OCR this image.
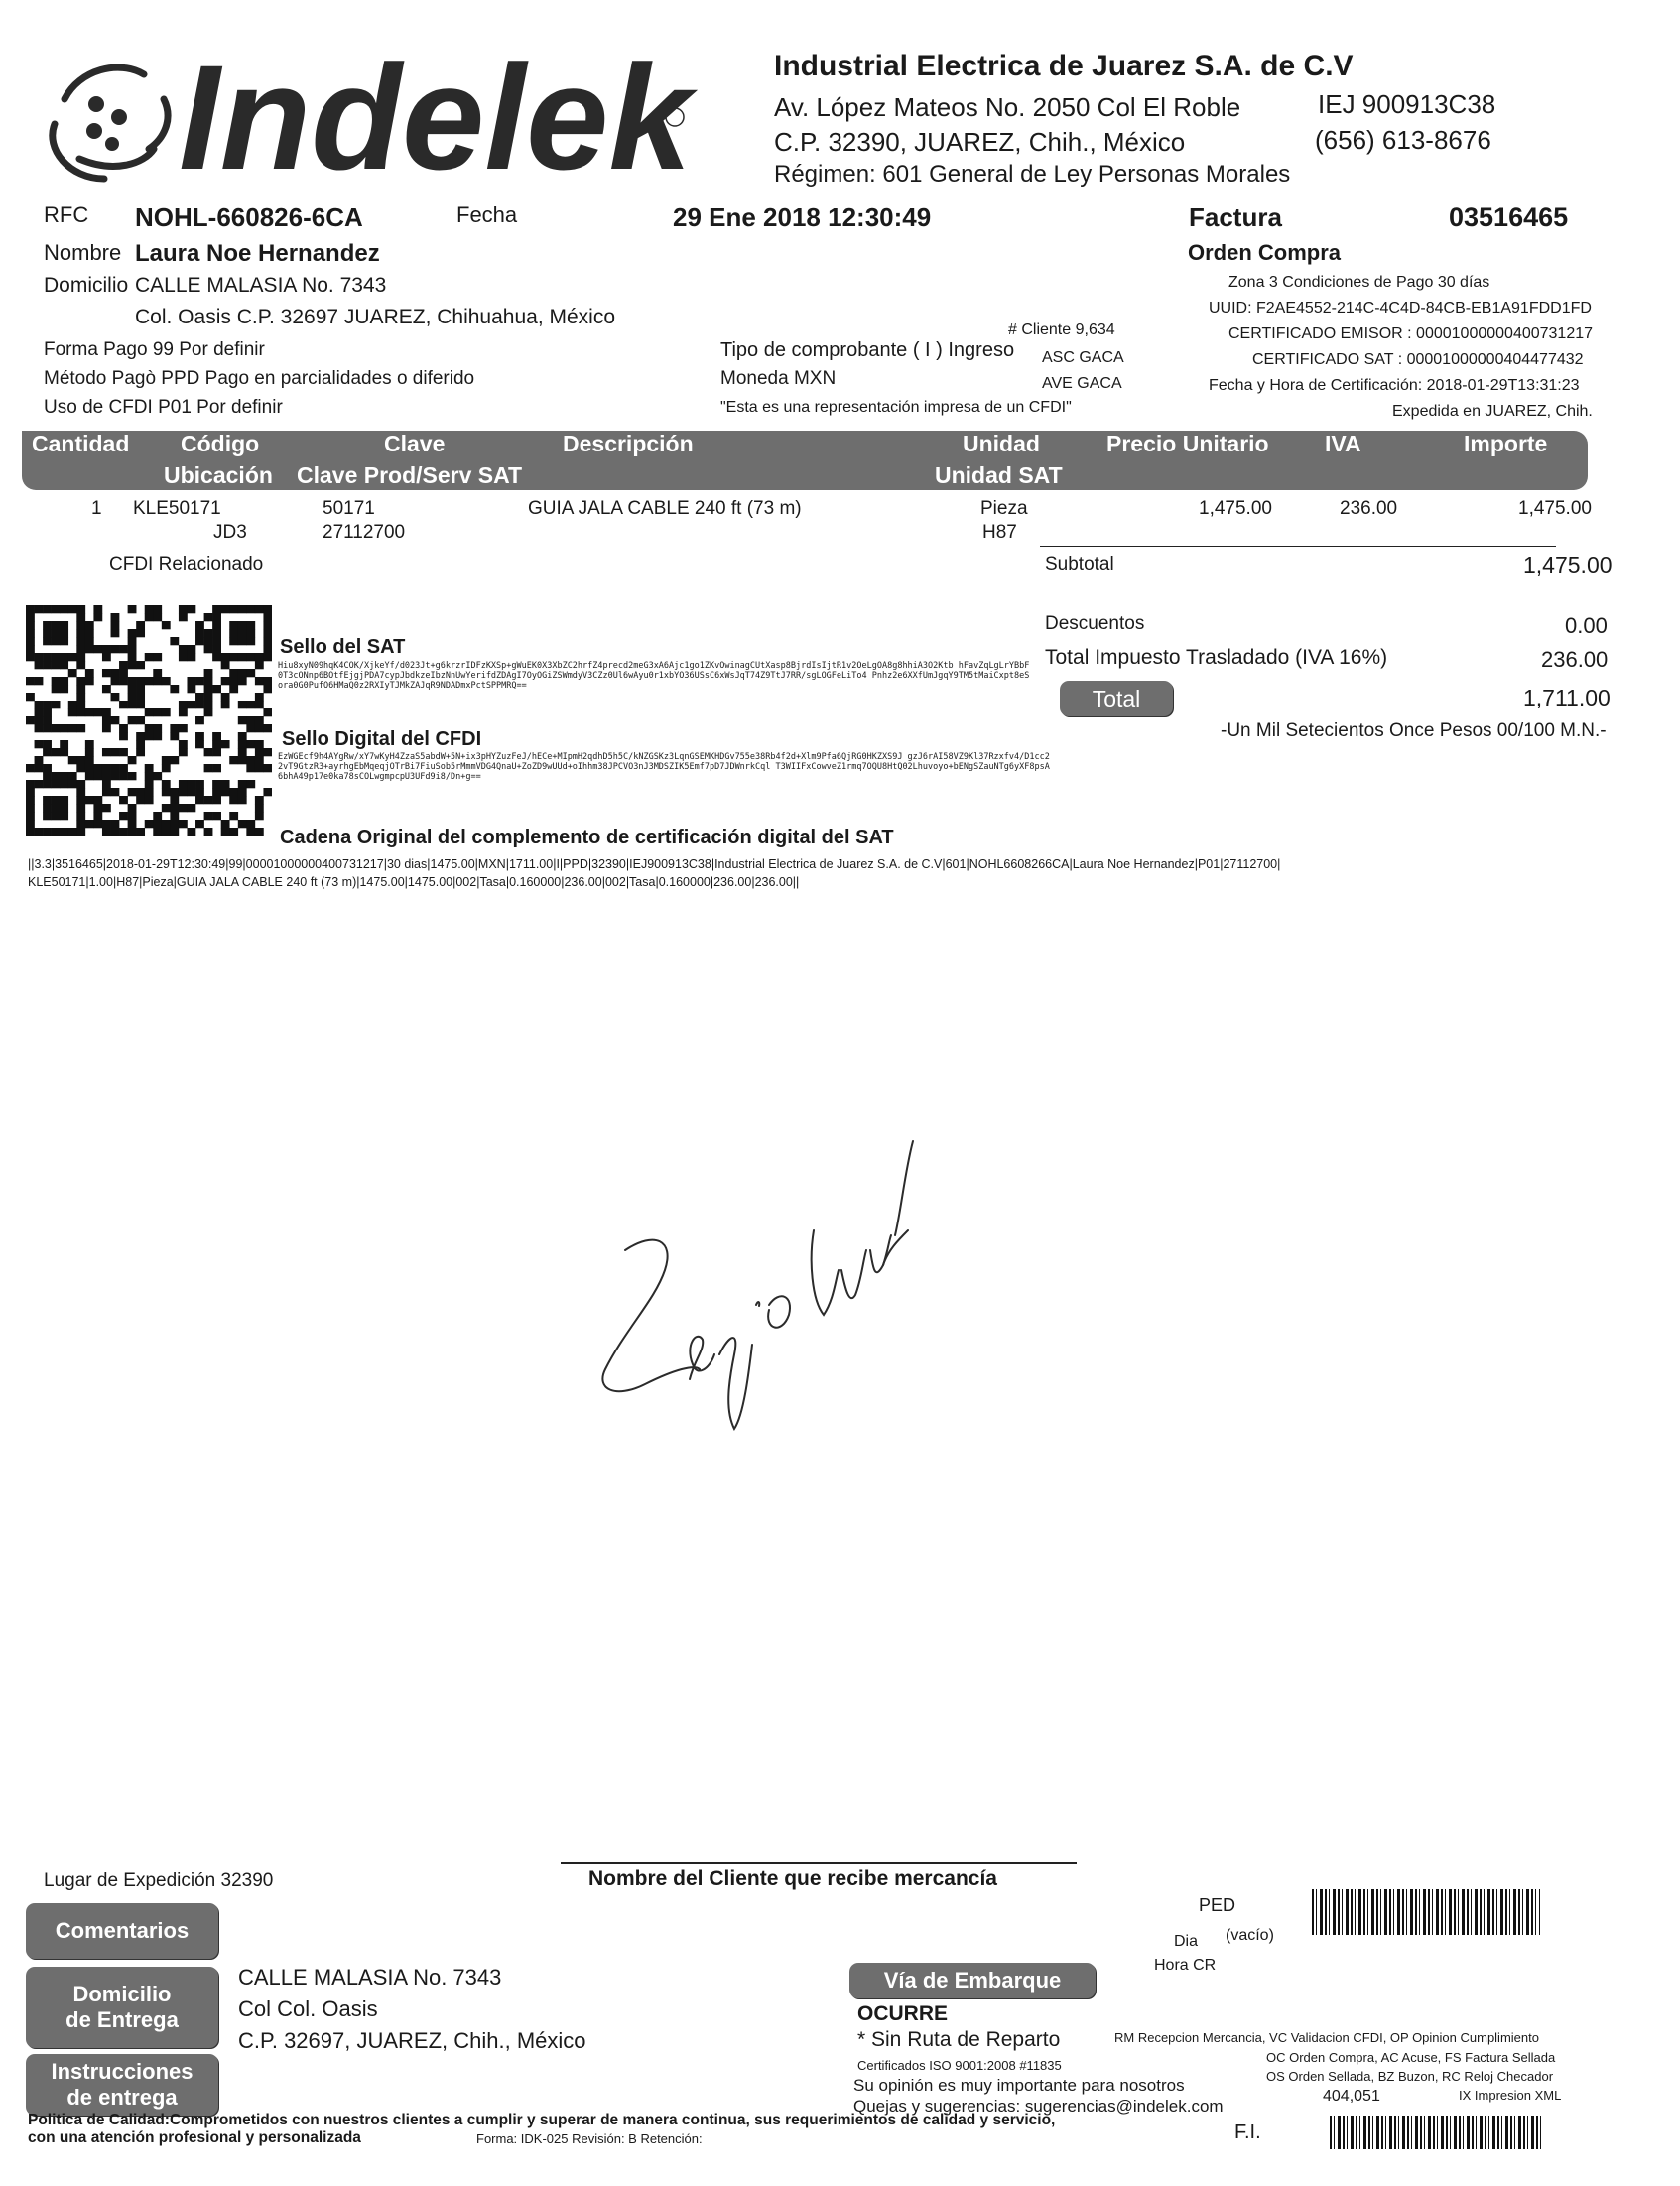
Indelek	Industrial Electrica de Juarez S.A. de C.V
Av. López Mateos No. 2050 Col El Roble
C.P. 32390, JUAREZ, Chih., México
Régimen: 601 General de Ley Personas Morales
IEJ 900913C38
(656) 613-8676
RFC NOHL-660826-6CA	Fecha	29 Ene 2018 12:30:49	Factura	03516465
Nombre Laura Noe Hernandez	Orden Compra
Domicilio CALLE MALASIA No. 7343
Col. Oasis C.P. 32697 JUAREZ, Chihuahua, México
Zona 3 Condiciones de Pago 30 días
UUID: F2AE4552-214C-4C4D-84CB-EB1A91FDD1FD
CERTIFICADO EMISOR : 00001000000400731217
CERTIFICADO SAT : 00001000000404477432
Fecha y Hora de Certificación: 2018-01-29T13:31:23
Expedida en JUAREZ, Chih.
# Cliente 9,634
Tipo de comprobante ( I ) Ingreso ASC GACA
Forma Pago 99 Por definir
Método Pagò PPD Pago en parcialidades o diferido	Moneda MXN	AVE GACA
Uso de CFDI P01 Por definir	"Esta es una representación impresa de un CFDI"
Cantidad Código	Clave	Descripción	Unidad	Precio Unitario IVA	Importe
Ubicación Clave Prod/Serv SAT	Unidad SAT
1 KLE50171	50171	GUIA JALA CABLE 240 ft (73 m)	Pieza	1,475.00	236.00	1,475.00
JD3	27112700	H87
CFDI Relacionado	Subtotal	1,475.00
Descuentos	0.00
Total Impuesto Trasladado (IVA 16%)	236.00
Total	1,711.00
-Un Mil Setecientos Once Pesos 00/100 M.N.-
Sello del SAT
Hiu8xyN09hqK4COK/XjkeYf/d023Jt+g6krzrIDFzKXSp+gWuEK0X3XbZC2hrfZ4precd2meG3xA6Ajc1go1ZKvOwinagCUtXasp8BjrdIsIjtR1v2OeLgOA8g8hhiA3O2Ktb hFavZqLgLrYBbF0T3cONnp6BOtfEjgjPDA7cypJbdkzeIbzNnUwYerifdZDAgI7OyOGiZSWmdyV3CZz0Ul6wAyu0r1xbYO36USsC6xWsJqT74Z9TtJ7RR/sgLOGFeLiTo4 Pnhz2e6XXfUmJgqY9TM5tMaiCxpt8eSora0G0PufO6HMaQ0z2RXIyTJMkZAJqR9NDADmxPctSPPMRQ==
Sello Digital del CFDI
EzWGEcf9h4AYgRw/xY7wKyH4ZzaS5abdW+5N+ix3pHYZuzFeJ/hECe+MIpmH2qdhD5h5C/kNZGSKz3LqnGSEMKHDGv755e38Rb4f2d+Xlm9Pfa6QjRG0HKZXS9J gzJ6rAI58VZ9Kl37Rzxfv4/D1cc22vT9GtzR3+ayrhgEbMqeqjOTrBi7FiuSob5rMmmVDG4QnaU+ZoZD9wUUd+oIhhm38JPCVO3nJ3MDSZIK5Emf7pD7JDWnrkCql T3WIIFxCowveZ1rmq7OQU8HtQ02Lhuvoyo+bENgSZauNTg6yXF8psA6bhA49p17e0ka78sCOLwgmpcpU3UFd9i8/Dn+g==
Cadena Original del complemento de certificación digital del SAT
||3.3|3516465|2018-01-29T12:30:49|99|00001000000400731217|30 dias|1475.00|MXN|1711.00|I|PPD|32390|IEJ900913C38|Industrial Electrica de Juarez S.A. de C.V|601|NOHL6608266CA|Laura Noe Hernandez|P01|27112700|KLE50171|1.00|H87|Pieza|GUIA JALA CABLE 240 ft (73 m)|1475.00|1475.00|002|Tasa|0.160000|236.00|002|Tasa|0.160000|236.00|236.00||
Lugar de Expedición 32390	Nombre del Cliente que recibe mercancía
Comentarios
Domicilio de Entrega
Instrucciones de entrega
CALLE MALASIA No. 7343
Col Col. Oasis
C.P. 32697, JUAREZ, Chih., México
Vía de Embarque
OCURRE
* Sin Ruta de Reparto
Certificados ISO 9001:2008 #11835
Su opinión es muy importante para nosotros
Quejas y sugerencias: sugerencias@indelek.com
PED
Dia (vacío)
Hora CR
RM Recepcion Mercancia, VC Validacion CFDI, OP Opinion Cumplimiento
OC Orden Compra, AC Acuse, FS Factura Sellada
OS Orden Sellada, BZ Buzon, RC Reloj Checador
404,051	IX Impresion XML
F.I.
Politica de Calidad:Comprometidos con nuestros clientes a cumplir y superar de manera continua, sus requerimientos de calidad y servicio,
con una atención profesional y personalizada	Forma: IDK-025 Revisión: B Retención:
